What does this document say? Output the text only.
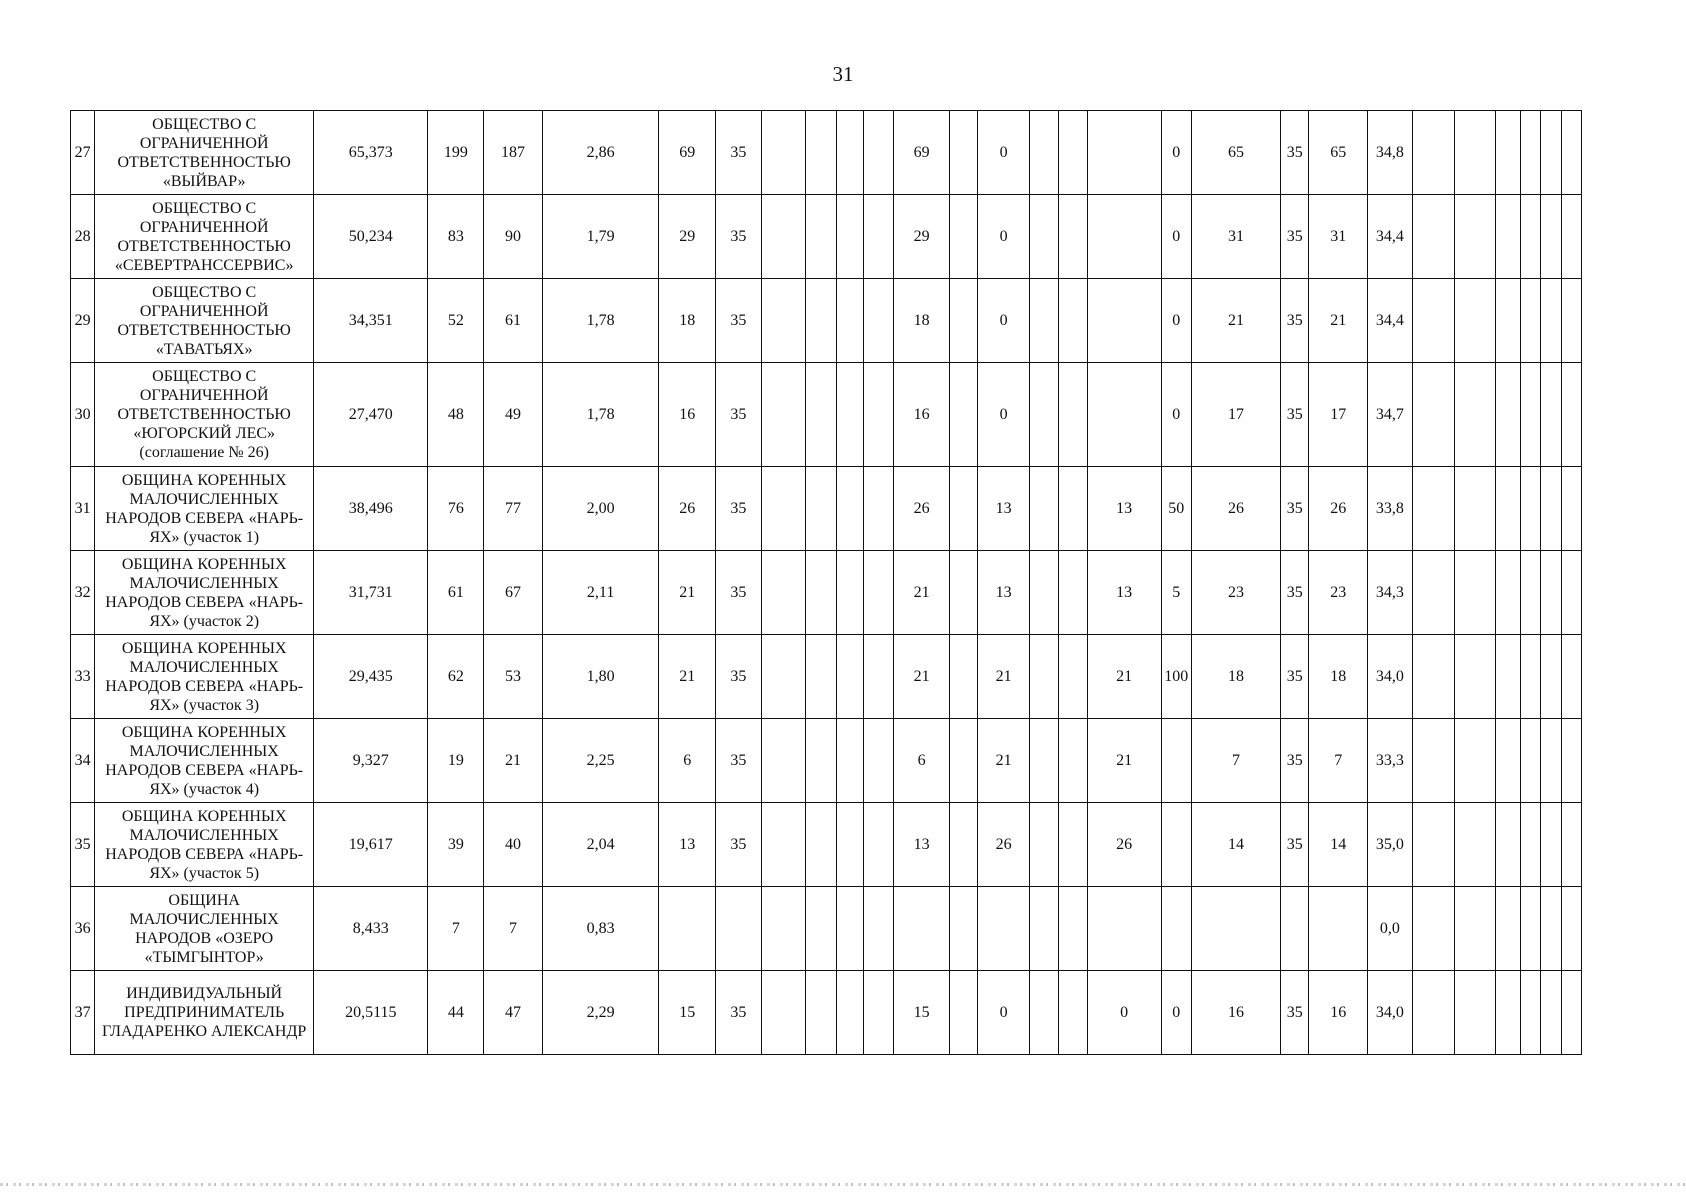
31
27	ОБЩЕСТВО С ОГРАНИЧЕННОЙ ОТВЕТСТВЕННОСТЬЮ «ВЫЙВАР»	65,373	199	187	2,86	69	35					69		0				0	65	35	65	34,8						
28	ОБЩЕСТВО С ОГРАНИЧЕННОЙ ОТВЕТСТВЕННОСТЬЮ «СЕВЕРТРАНССЕРВИС»	50,234	83	90	1,79	29	35					29		0				0	31	35	31	34,4						
29	ОБЩЕСТВО С ОГРАНИЧЕННОЙ ОТВЕТСТВЕННОСТЬЮ «ТАВАТЬЯХ»	34,351	52	61	1,78	18	35					18		0				0	21	35	21	34,4						
30	ОБЩЕСТВО С ОГРАНИЧЕННОЙ ОТВЕТСТВЕННОСТЬЮ «ЮГОРСКИЙ ЛЕС» (соглашение № 26)	27,470	48	49	1,78	16	35					16		0				0	17	35	17	34,7						
31	ОБЩИНА КОРЕННЫХ МАЛОЧИСЛЕННЫХ НАРОДОВ СЕВЕРА «НАРЬ-ЯХ» (участок 1)	38,496	76	77	2,00	26	35					26		13			13	50	26	35	26	33,8						
32	ОБЩИНА КОРЕННЫХ МАЛОЧИСЛЕННЫХ НАРОДОВ СЕВЕРА «НАРЬ-ЯХ» (участок 2)	31,731	61	67	2,11	21	35					21		13			13	5	23	35	23	34,3						
33	ОБЩИНА КОРЕННЫХ МАЛОЧИСЛЕННЫХ НАРОДОВ СЕВЕРА «НАРЬ-ЯХ» (участок 3)	29,435	62	53	1,80	21	35					21		21			21	100	18	35	18	34,0						
34	ОБЩИНА КОРЕННЫХ МАЛОЧИСЛЕННЫХ НАРОДОВ СЕВЕРА «НАРЬ-ЯХ» (участок 4)	9,327	19	21	2,25	6	35					6		21			21		7	35	7	33,3						
35	ОБЩИНА КОРЕННЫХ МАЛОЧИСЛЕННЫХ НАРОДОВ СЕВЕРА «НАРЬ-ЯХ» (участок 5)	19,617	39	40	2,04	13	35					13		26			26		14	35	14	35,0						
36	ОБЩИНА МАЛОЧИСЛЕННЫХ НАРОДОВ «ОЗЕРО «ТЫМГЫНТОР»	8,433	7	7	0,83																	0,0						
37	ИНДИВИДУАЛЬНЫЙ ПРЕДПРИНИМАТЕЛЬ ГЛАДАРЕНКО АЛЕКСАНДР	20,5115	44	47	2,29	15	35					15		0			0	0	16	35	16	34,0						
